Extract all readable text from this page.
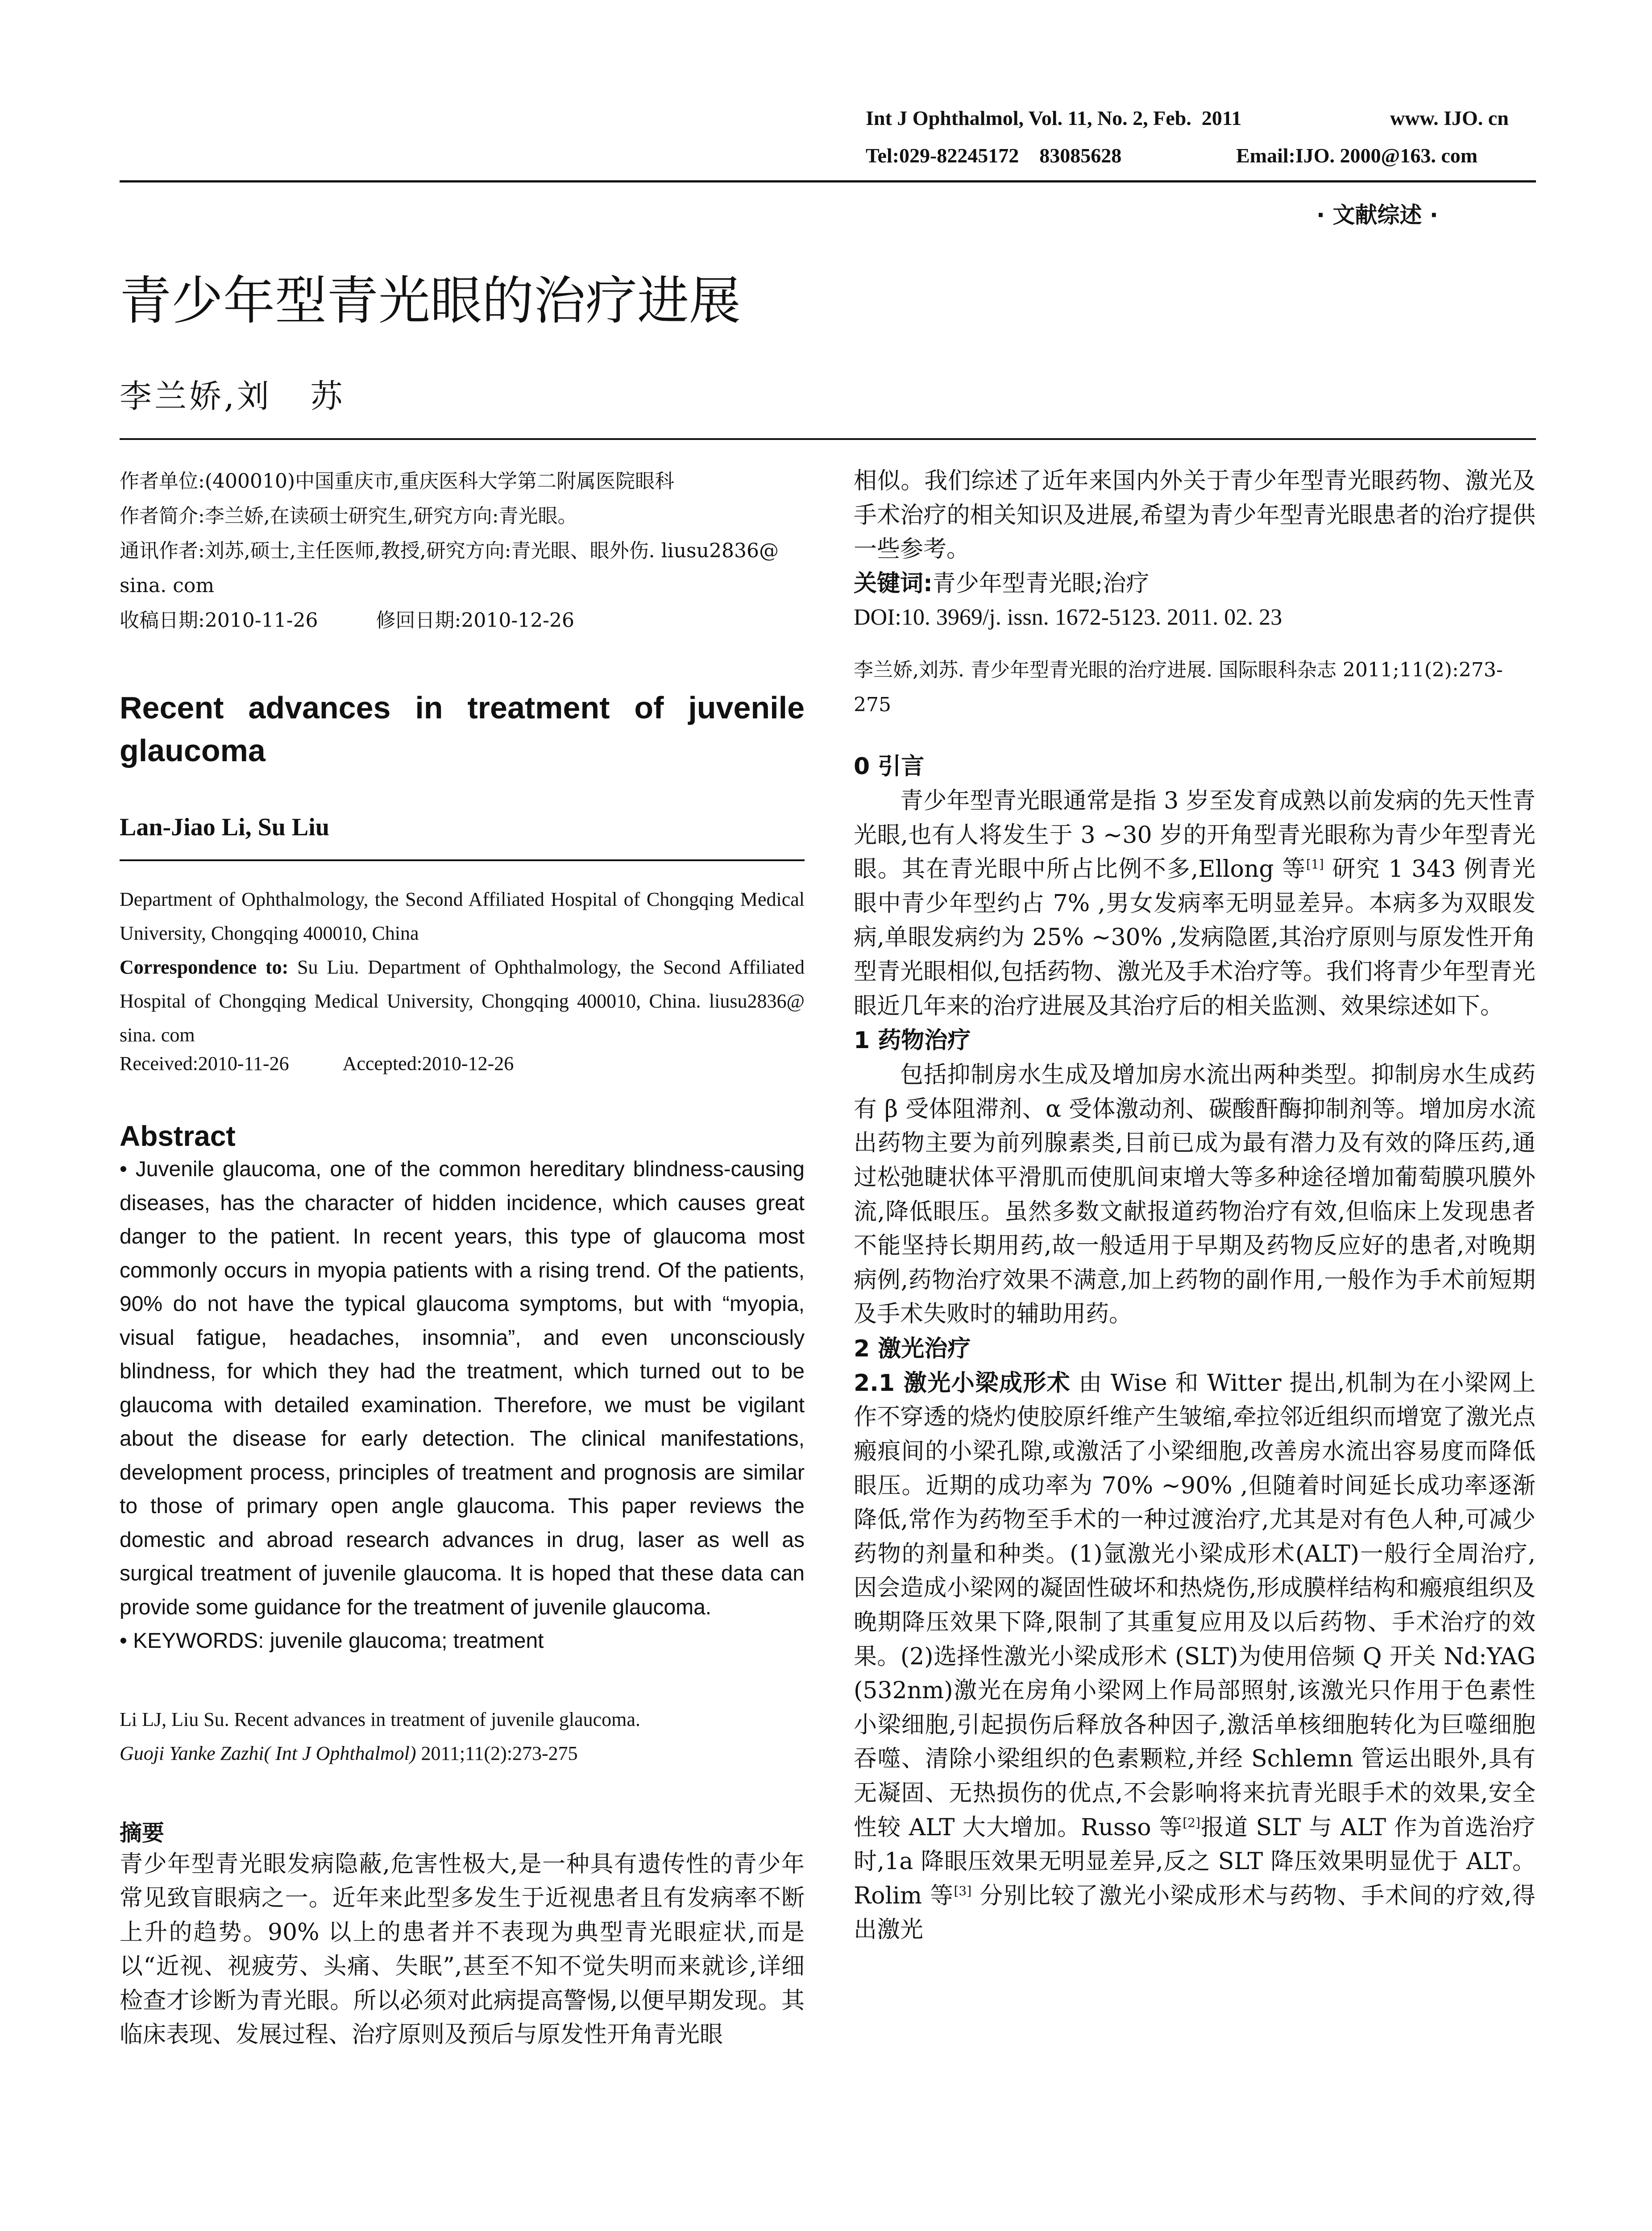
Int J Ophthalmol, Vol. 11, No. 2, Feb.  2011	www. IJO. cn
Tel:029-82245172    83085628	Email:IJO. 2000@163. com
· 文献综述 ·
青少年型青光眼的治疗进展
李兰娇,刘   苏

作者单位:(400010)中国重庆市,重庆医科大学第二附属医院眼科

作者简介:李兰娇,在读硕士研究生,研究方向:青光眼。

通讯作者:刘苏,硕士,主任医师,教授,研究方向:青光眼、眼外伤. liusu2836@ sina. com

收稿日期:2010-11-26	修回日期:2010-12-26

Recent advances in treatment of juvenile glaucoma

Lan-Jiao Li, Su Liu

Department of Ophthalmology, the Second Affiliated Hospital of Chongqing Medical University, Chongqing 400010, China

Correspondence to: Su Liu. Department of Ophthalmology, the Second Affiliated Hospital of Chongqing Medical University, Chongqing 400010, China. liusu2836@ sina. com

Received:2010-11-26	Accepted:2010-12-26

Abstract

• Juvenile glaucoma, one of the common hereditary blindness-causing diseases, has the character of hidden incidence, which causes great danger to the patient. In recent years, this type of glaucoma most commonly occurs in myopia patients with a rising trend. Of the patients, 90% do not have the typical glaucoma symptoms, but with “myopia, visual fatigue, headaches, insomnia”, and even unconsciously blindness, for which they had the treatment, which turned out to be glaucoma with detailed examination. Therefore, we must be vigilant about the disease for early detection. The clinical manifestations, development process, principles of treatment and prognosis are similar to those of primary open angle glaucoma. This paper reviews the domestic and abroad research advances in drug, laser as well as surgical treatment of juvenile glaucoma. It is hoped that these data can provide some guidance for the treatment of juvenile glaucoma.

• KEYWORDS: juvenile glaucoma; treatment

Li LJ, Liu Su. Recent advances in treatment of juvenile glaucoma.

Guoji Yanke Zazhi( Int J Ophthalmol) 2011;11(2):273-275

摘要

青少年型青光眼发病隐蔽,危害性极大,是一种具有遗传性的青少年常见致盲眼病之一。近年来此型多发生于近视患者且有发病率不断上升的趋势。90% 以上的患者并不表现为典型青光眼症状,而是以“近视、视疲劳、头痛、失眠”,甚至不知不觉失明而来就诊,详细检查才诊断为青光眼。所以必须对此病提高警惕,以便早期发现。其临床表现、发展过程、治疗原则及预后与原发性开角青光眼

相似。我们综述了近年来国内外关于青少年型青光眼药物、激光及手术治疗的相关知识及进展,希望为青少年型青光眼患者的治疗提供一些参考。

关键词:青少年型青光眼;治疗

DOI:10. 3969/j. issn. 1672-5123. 2011. 02. 23

李兰娇,刘苏. 青少年型青光眼的治疗进展. 国际眼科杂志 2011;11(2):273-275

0 引言

青少年型青光眼通常是指 3 岁至发育成熟以前发病的先天性青光眼,也有人将发生于 3 ~30 岁的开角型青光眼称为青少年型青光眼。其在青光眼中所占比例不多,Ellong 等[1] 研究 1 343 例青光眼中青少年型约占 7% ,男女发病率无明显差异。本病多为双眼发病,单眼发病约为 25% ~30% ,发病隐匿,其治疗原则与原发性开角型青光眼相似,包括药物、激光及手术治疗等。我们将青少年型青光眼近几年来的治疗进展及其治疗后的相关监测、效果综述如下。

1 药物治疗

包括抑制房水生成及增加房水流出两种类型。抑制房水生成药有 β 受体阻滞剂、α 受体激动剂、碳酸酐酶抑制剂等。增加房水流出药物主要为前列腺素类,目前已成为最有潜力及有效的降压药,通过松弛睫状体平滑肌而使肌间束增大等多种途径增加葡萄膜巩膜外流,降低眼压。虽然多数文献报道药物治疗有效,但临床上发现患者不能坚持长期用药,故一般适用于早期及药物反应好的患者,对晚期病例,药物治疗效果不满意,加上药物的副作用,一般作为手术前短期及手术失败时的辅助用药。

2 激光治疗

2.1 激光小梁成形术 由 Wise 和 Witter 提出,机制为在小梁网上作不穿透的烧灼使胶原纤维产生皱缩,牵拉邻近组织而增宽了激光点瘢痕间的小梁孔隙,或激活了小梁细胞,改善房水流出容易度而降低眼压。近期的成功率为 70% ~90% ,但随着时间延长成功率逐渐降低,常作为药物至手术的一种过渡治疗,尤其是对有色人种,可减少药物的剂量和种类。(1)氩激光小梁成形术(ALT)一般行全周治疗,因会造成小梁网的凝固性破坏和热烧伤,形成膜样结构和瘢痕组织及晚期降压效果下降,限制了其重复应用及以后药物、手术治疗的效果。(2)选择性激光小梁成形术 (SLT)为使用倍频 Q 开关 Nd:YAG (532nm)激光在房角小梁网上作局部照射,该激光只作用于色素性小梁细胞,引起损伤后释放各种因子,激活单核细胞转化为巨噬细胞吞噬、清除小梁组织的色素颗粒,并经 Schlemn 管运出眼外,具有无凝固、无热损伤的优点,不会影响将来抗青光眼手术的效果,安全性较 ALT 大大增加。Russo 等[2]报道 SLT 与 ALT 作为首选治疗时,1a 降眼压效果无明显差异,反之 SLT 降压效果明显优于 ALT。Rolim 等[3] 分别比较了激光小梁成形术与药物、手术间的疗效,得出激光
